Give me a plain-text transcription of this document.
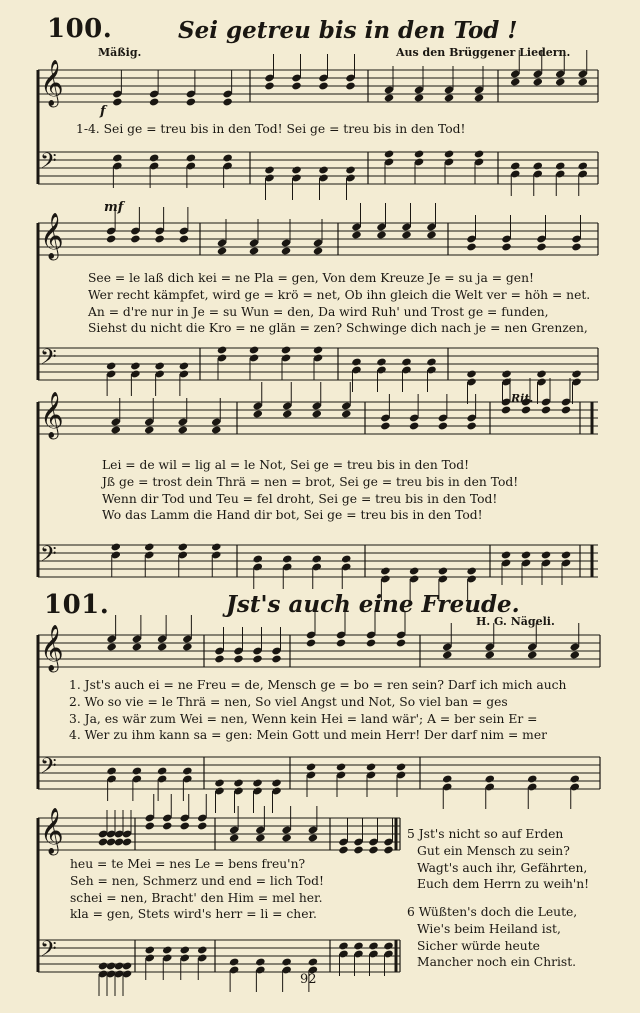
𝄞
𝄢
𝄞
𝄢
𝄞
𝄢
𝄞
𝄢
𝄞
𝄢
100.	Sei getreu bis in den Tod !
Mäßig.	Aus den Brüggener Liedern.
f
mf
Rit.
1-4. Sei ge = treu bis in den Tod! Sei ge = treu bis in den Tod!
See = le laß dich kei = ne Pla = gen, Von dem Kreuze Je = su ja = gen!
Wer recht kämpfet, wird ge = krö = net, Ob ihn gleich die Welt ver = höh = net.
An = d're nur in Je = su Wun = den, Da wird Ruh' und Trost ge = funden,
Siehst du nicht die Kro = ne glän = zen? Schwinge dich nach je = nen Grenzen,
Lei = de wil = lig al = le Not, Sei ge = treu bis in den Tod!
Jß ge = trost dein Thrä = nen = brot, Sei ge = treu bis in den Tod!
Wenn dir Tod und Teu = fel droht, Sei ge = treu bis in den Tod!
Wo das Lamm die Hand dir bot, Sei ge = treu bis in den Tod!
101.	Jst's auch eine Freude.
H. G. Nägeli.
1. Jst's auch ei = ne Freu = de, Mensch ge = bo = ren sein? Darf ich mich auch
2. Wo so vie = le Thrä = nen, So viel Angst und Not, So viel ban = ges
3. Ja, es wär zum Wei = nen, Wenn kein Hei = land wär'; A = ber sein Er =
4. Wer zu ihm kann sa = gen: Mein Gott und mein Herr! Der darf nim = mer
heu = te Mei = nes Le = bens freu'n?
Seh = nen, Schmerz und end = lich Tod!
schei = nen, Bracht' den Him = mel her.
kla = gen, Stets wird's herr = li = cher.
5 Jst's nicht so auf Erden
Gut ein Mensch zu sein?
Wagt's auch ihr, Gefährten,
Euch dem Herrn zu weih'n!
6 Wüßten's doch die Leute,
Wie's beim Heiland ist,
Sicher würde heute
Mancher noch ein Christ.
92
